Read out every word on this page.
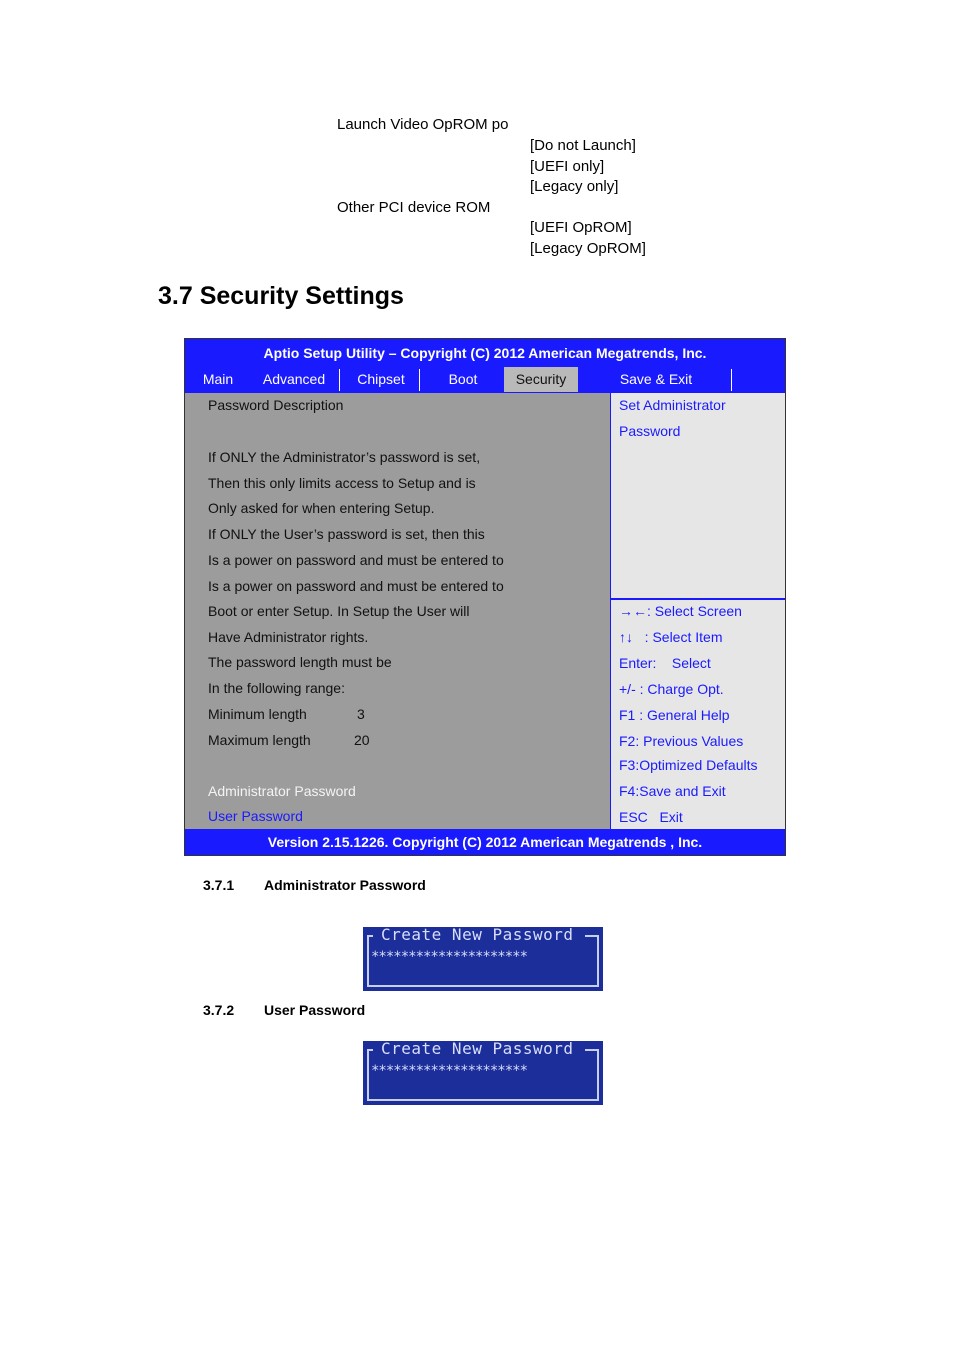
Launch Video OpROM po
[Do not Launch]
[UEFI only]
[Legacy only]
Other PCI device ROM
[UEFI OpROM]
[Legacy OpROM]
3.7 Security Settings
Aptio Setup Utility – Copyright (C) 2012 American Megatrends, Inc.
Main	Advanced	Chipset	Boot	Security	Save & Exit
Password Description
If ONLY the Administrator’s password is set,
Then this only limits access to Setup and is
Only asked for when entering Setup.
If ONLY the User’s password is set, then this
Is a power on password and must be entered to
Is a power on password and must be entered to
Boot or enter Setup. In Setup the User will
Have Administrator rights.
The password length must be
In the following range:
Minimum length	3
Maximum length	20
Administrator Password
User Password
Set Administrator
Password
→←: Select Screen
↑↓   : Select Item
Enter:    Select
+/- : Charge Opt.
F1 : General Help
F2: Previous Values
F3:Optimized Defaults
F4:Save and Exit
ESC   Exit
Version 2.15.1226. Copyright (C) 2012 American Megatrends , Inc.
3.7.1 Administrator Password
Create New Password
*********************
3.7.2 User Password
Create New Password
*********************
